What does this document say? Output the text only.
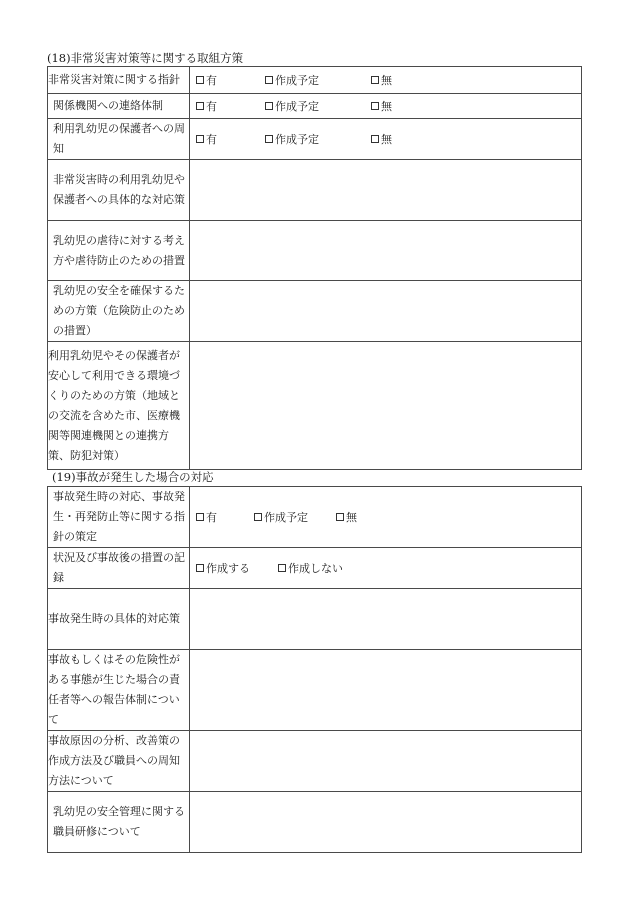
(18)非常災害対策等に関する取組方策
非常災害対策に関する指針	有 作成予定 無

関係機関への連絡体制	有 作成予定 無

利用乳幼児の保護者への周知	有 作成予定 無

非常災害時の利用乳幼児や保護者への具体的な対応策	

乳幼児の虐待に対する考え方や虐待防止のための措置	

乳幼児の安全を確保するための方策（危険防止のための措置）	

利用乳幼児やその保護者が安心して利用できる環境づくりのための方策（地域との交流を含めた市、医療機関等関連機関との連携方策、防犯対策）	

(19)事故が発生した場合の対応
事故発生時の対応、事故発生・再発防止等に関する指針の策定	有 作成予定 無

状況及び事故後の措置の記録	作成する 作成しない

事故発生時の具体的対応策	

事故もしくはその危険性がある事態が生じた場合の責任者等への報告体制について	

事故原因の分析、改善策の作成方法及び職員への周知方法について	

乳幼児の安全管理に関する職員研修について	
